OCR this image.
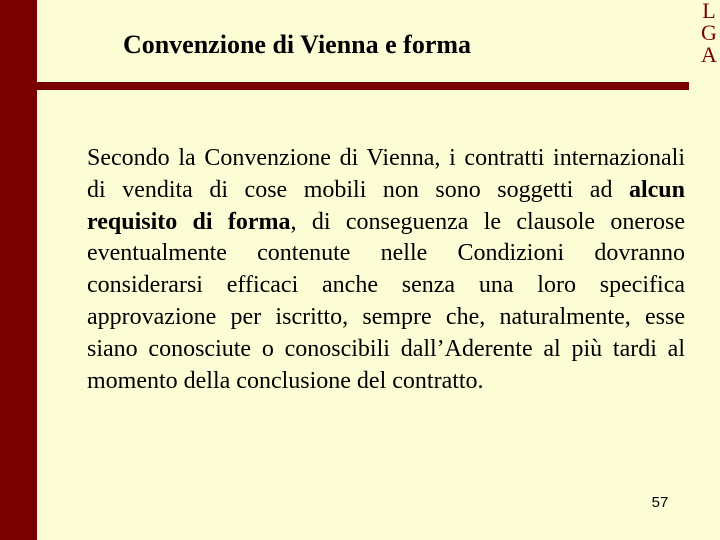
L
G
A
Convenzione di Vienna e forma

Secondo la Convenzione di Vienna, i contratti internazionali di vendita di cose mobili non sono soggetti ad alcun requisito di forma, di conseguenza le clausole onerose eventualmente contenute nelle Condizioni dovranno considerarsi efficaci anche senza una loro specifica approvazione per iscritto, sempre che, naturalmente, esse siano conosciute o conoscibili dall’Aderente al più tardi al momento della conclusione del contratto.

57
